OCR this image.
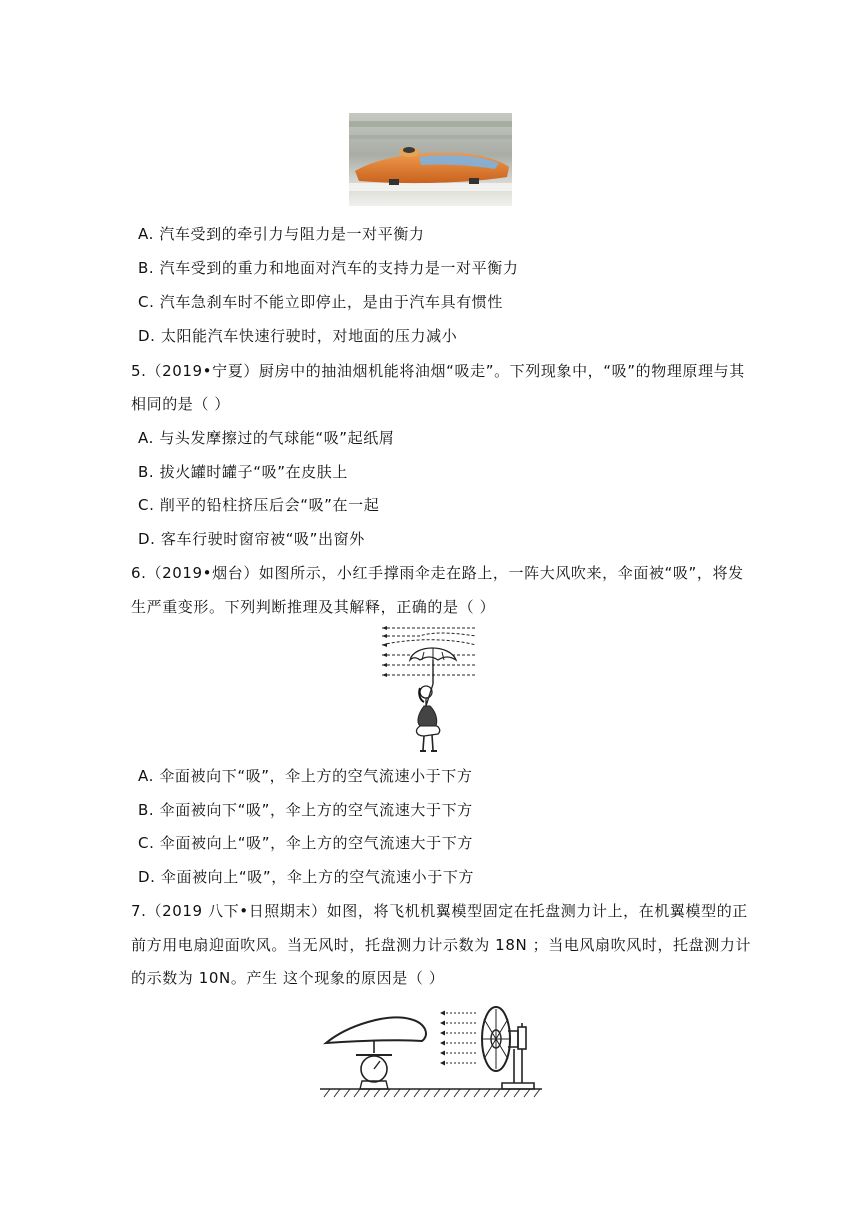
A. 汽车受到的牵引力与阻力是一对平衡力
B. 汽车受到的重力和地面对汽车的支持力是一对平衡力
C. 汽车急刹车时不能立即停止，是由于汽车具有惯性
D. 太阳能汽车快速行驶时，对地面的压力减小
5.（2019•宁夏）厨房中的抽油烟机能将油烟“吸走”。下列现象中，“吸”的物理原理与其
相同的是（ ）
A. 与头发摩擦过的气球能“吸”起纸屑
B. 拔火罐时罐子“吸”在皮肤上
C. 削平的铅柱挤压后会“吸”在一起
D. 客车行驶时窗帘被“吸”出窗外
6.（2019•烟台）如图所示，小红手撑雨伞走在路上，一阵大风吹来，伞面被“吸”，将发
生严重变形。下列判断推理及其解释，正确的是（ ）
A. 伞面被向下“吸”，伞上方的空气流速小于下方
B. 伞面被向下“吸”，伞上方的空气流速大于下方
C. 伞面被向上“吸”，伞上方的空气流速大于下方
D. 伞面被向上“吸”，伞上方的空气流速小于下方
7.（2019 八下•日照期末）如图，将飞机机翼模型固定在托盘测力计上，在机翼模型的正
前方用电扇迎面吹风。当无风时，托盘测力计示数为 18N ；当电风扇吹风时，托盘测力计
的示数为 10N。产生 这个现象的原因是（ ）
